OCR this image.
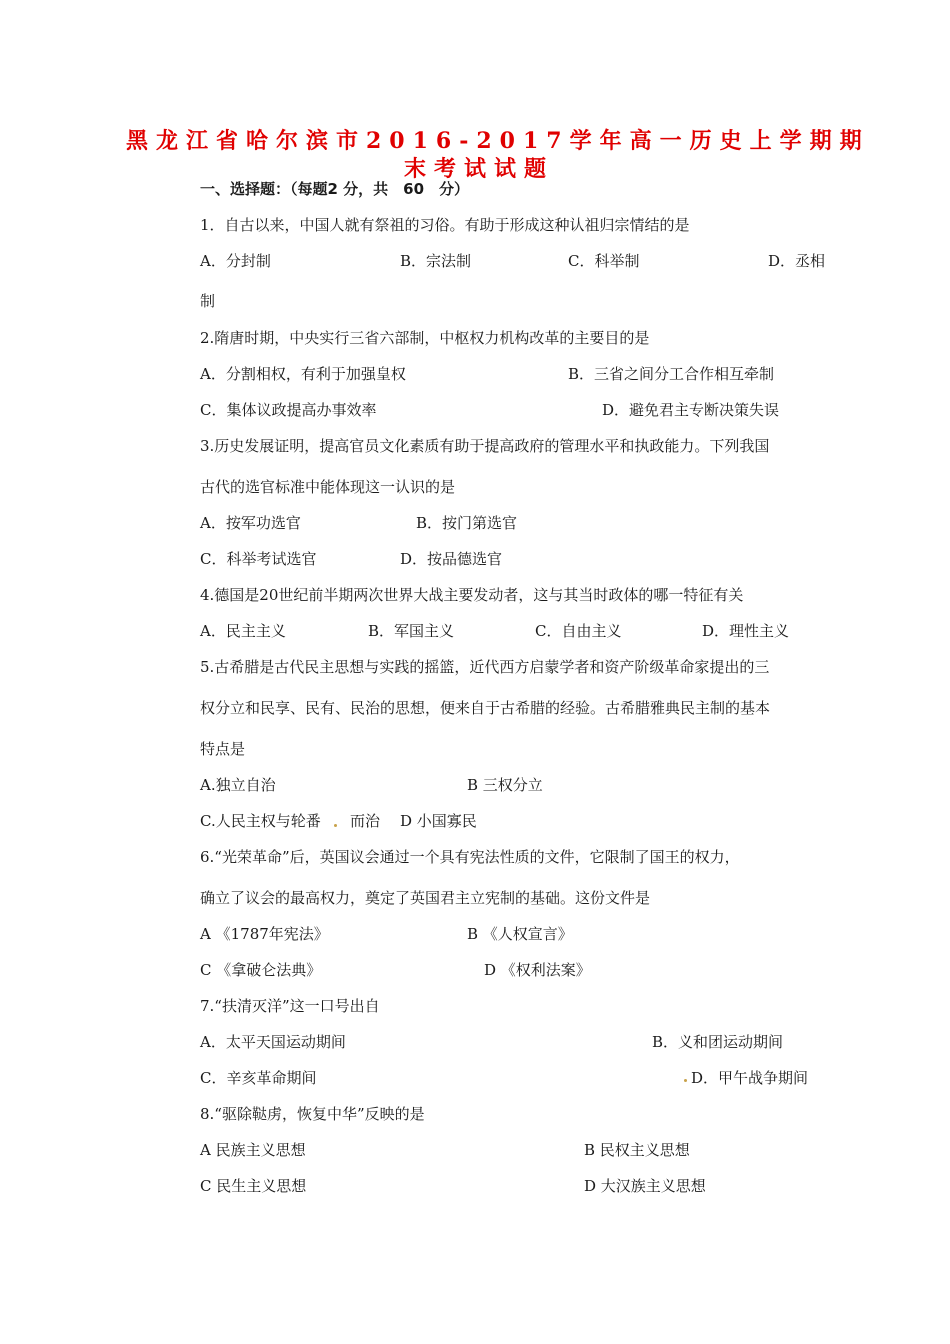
黑龙江省哈尔滨市2016-2017学年高一历史上学期期
末考试试题
一、选择题：（每题2 分，共　60　分）
1．自古以来，中国人就有祭祖的习俗。有助于形成这种认祖归宗情结的是
A．分封制	B．宗法制	C．科举制	D．丞相
制
2.隋唐时期，中央实行三省六部制，中枢权力机构改革的主要目的是
A．分割相权，有利于加强皇权	B．三省之间分工合作相互牵制
C．集体议政提高办事效率	D．避免君主专断决策失误
3.历史发展证明，提高官员文化素质有助于提高政府的管理水平和执政能力。下列我国
古代的选官标准中能体现这一认识的是
A．按军功选官	B．按门第选官
C．科举考试选官	D．按品德选官
4.德国是20世纪前半期两次世界大战主要发动者，这与其当时政体的哪一特征有关
A．民主主义	B．军国主义	C．自由主义	D．理性主义
5.古希腊是古代民主思想与实践的摇篮，近代西方启蒙学者和资产阶级革命家提出的三
权分立和民享、民有、民治的思想，便来自于古希腊的经验。古希腊雅典民主制的基本
特点是
A.独立自治	B 三权分立
C.人民主权与轮番 而治 D 小国寡民
6.“光荣革命”后，英国议会通过一个具有宪法性质的文件，它限制了国王的权力，
确立了议会的最高权力，奠定了英国君主立宪制的基础。这份文件是
A 《1787年宪法》	B 《人权宣言》
C 《拿破仑法典》	D 《权利法案》
7.“扶清灭洋”这一口号出自
A．太平天国运动期间	B．义和团运动期间
C．辛亥革命期间	D．甲午战争期间
8.“驱除鞑虏，恢复中华”反映的是
A 民族主义思想	B 民权主义思想
C 民生主义思想	D 大汉族主义思想
